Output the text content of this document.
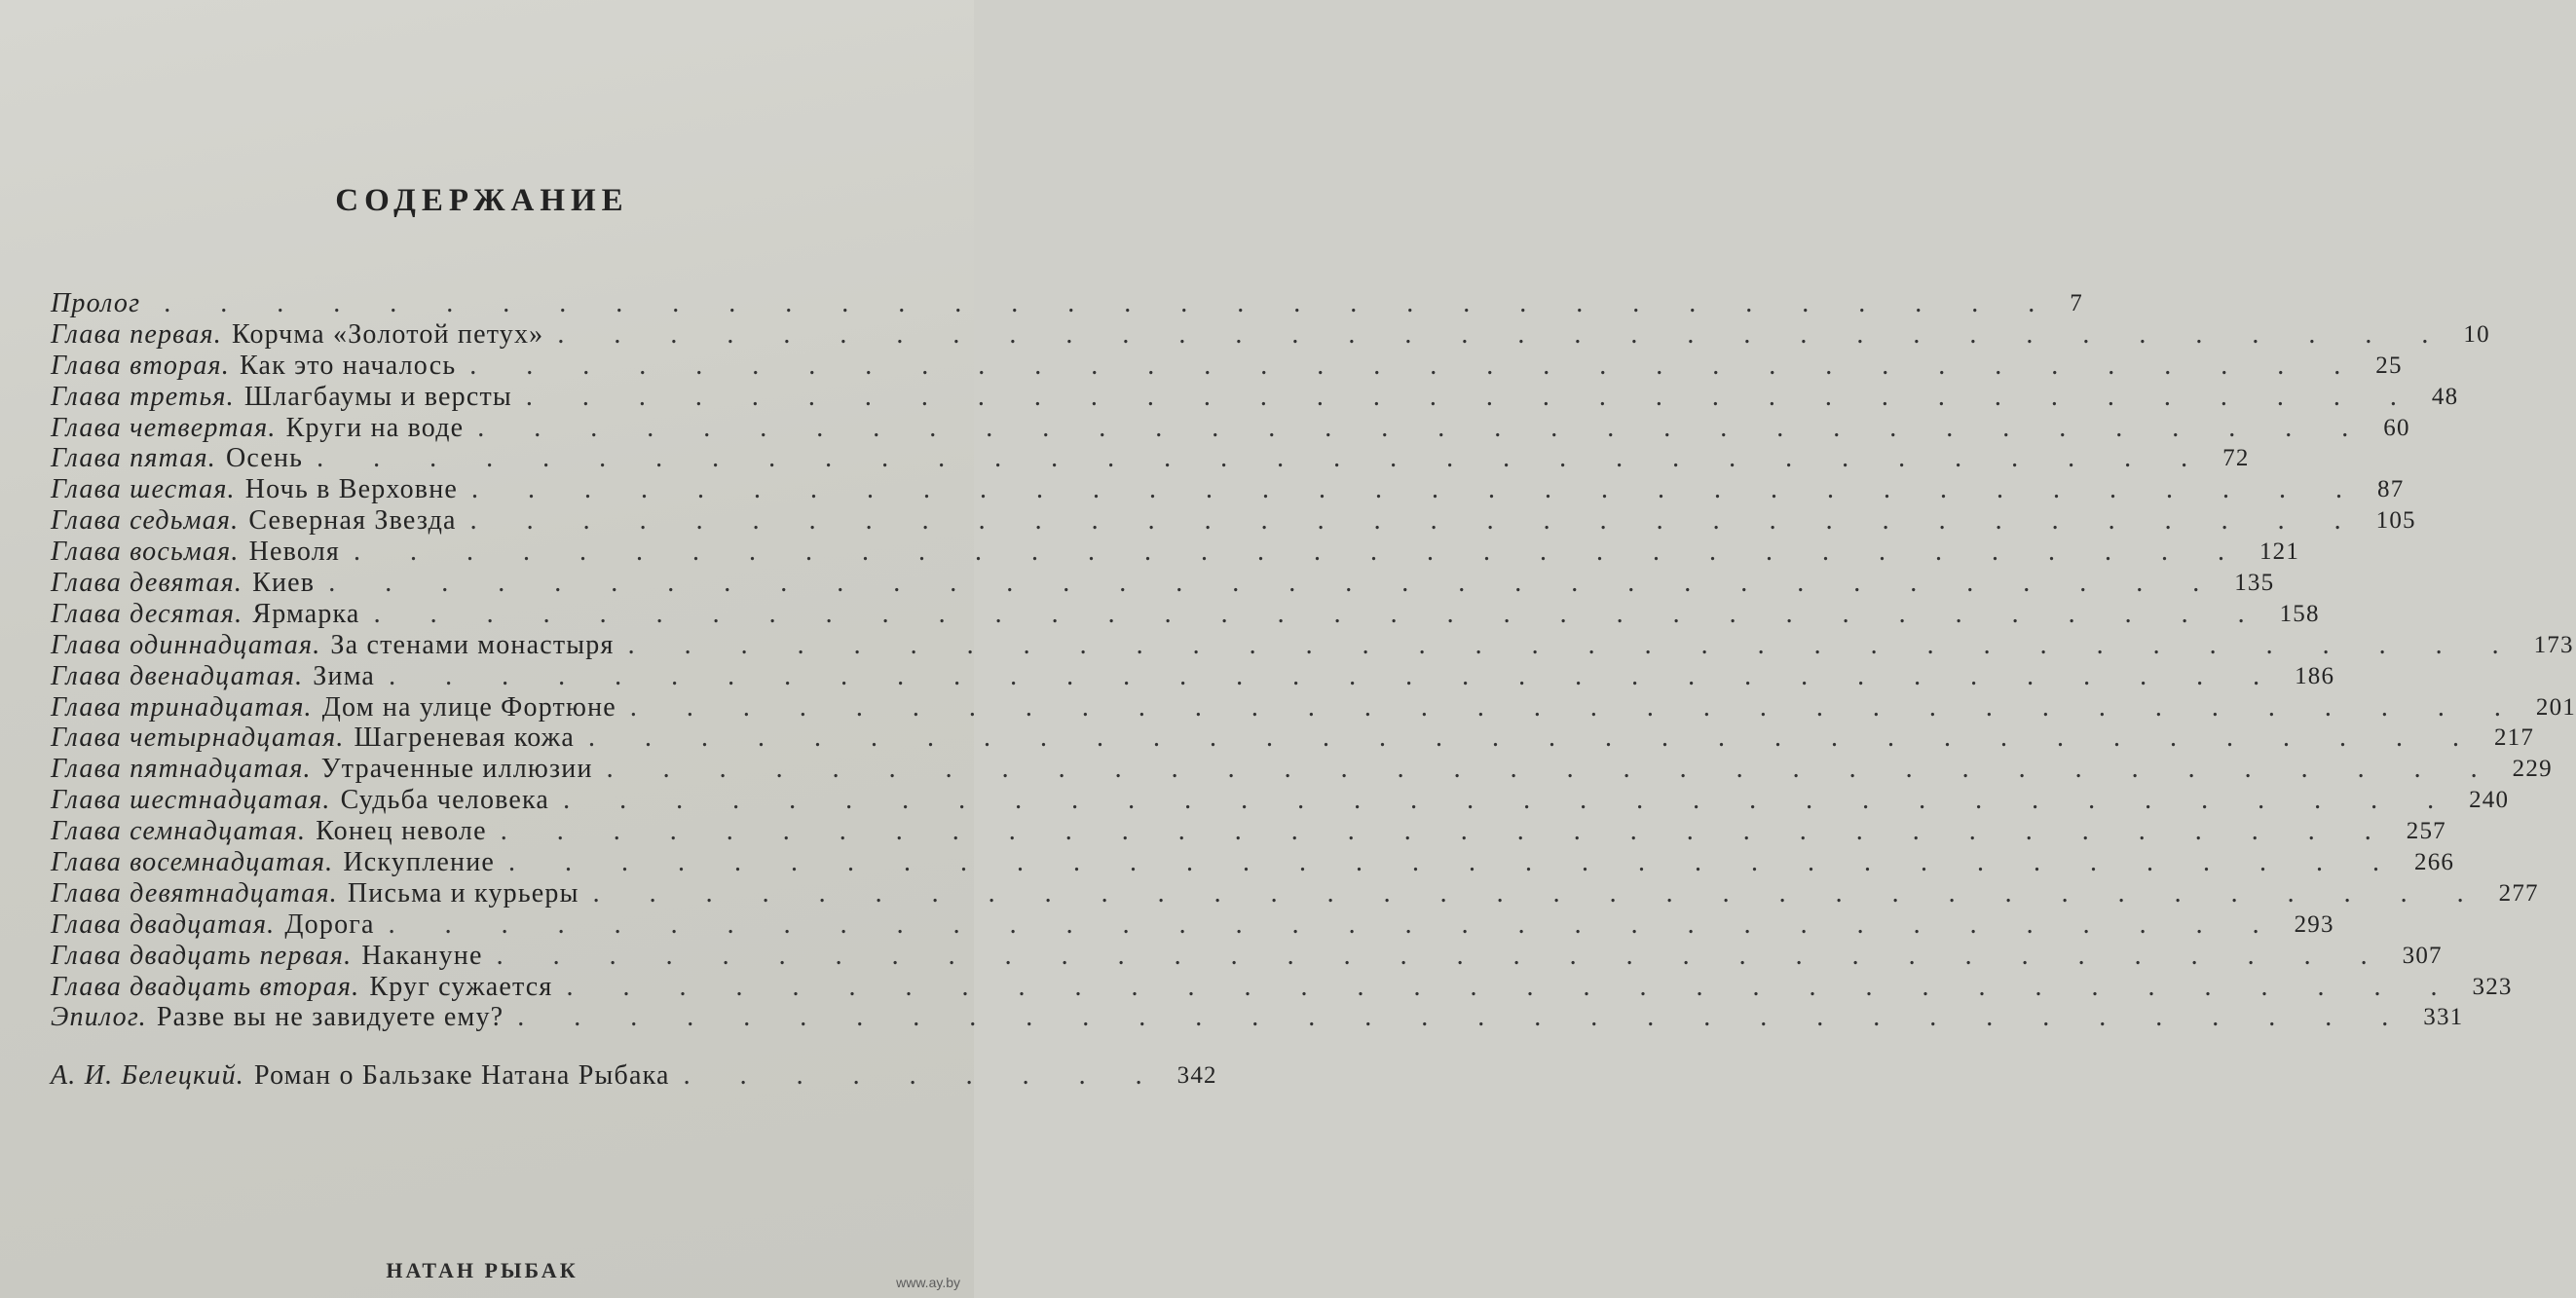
СОДЕРЖАНИЕ
Пролог . . . . . . . . . . . . . . . . . . . . . . . . . . . . . . . . . . 7
Глава первая. Корчма «Золотой петух» . . . . . . . . . . . . . . . . . . . . . . . . . . . . . . . . . . 10
Глава вторая. Как это началось . . . . . . . . . . . . . . . . . . . . . . . . . . . . . . . . . . 25
Глава третья. Шлагбаумы и версты . . . . . . . . . . . . . . . . . . . . . . . . . . . . . . . . . . 48
Глава четвертая. Круги на воде . . . . . . . . . . . . . . . . . . . . . . . . . . . . . . . . . . 60
Глава пятая. Осень . . . . . . . . . . . . . . . . . . . . . . . . . . . . . . . . . . 72
Глава шестая. Ночь в Верховне . . . . . . . . . . . . . . . . . . . . . . . . . . . . . . . . . . 87
Глава седьмая. Северная Звезда . . . . . . . . . . . . . . . . . . . . . . . . . . . . . . . . . . 105
Глава восьмая. Неволя . . . . . . . . . . . . . . . . . . . . . . . . . . . . . . . . . . 121
Глава девятая. Киев . . . . . . . . . . . . . . . . . . . . . . . . . . . . . . . . . . 135
Глава десятая. Ярмарка . . . . . . . . . . . . . . . . . . . . . . . . . . . . . . . . . . 158
Глава одиннадцатая. За стенами монастыря . . . . . . . . . . . . . . . . . . . . . . . . . . . . . . . . . . 173
Глава двенадцатая. Зима . . . . . . . . . . . . . . . . . . . . . . . . . . . . . . . . . . 186
Глава тринадцатая. Дом на улице Фортюне . . . . . . . . . . . . . . . . . . . . . . . . . . . . . . . . . . 201
Глава четырнадцатая. Шагреневая кожа . . . . . . . . . . . . . . . . . . . . . . . . . . . . . . . . . . 217
Глава пятнадцатая. Утраченные иллюзии . . . . . . . . . . . . . . . . . . . . . . . . . . . . . . . . . . 229
Глава шестнадцатая. Судьба человека . . . . . . . . . . . . . . . . . . . . . . . . . . . . . . . . . . 240
Глава семнадцатая. Конец неволе . . . . . . . . . . . . . . . . . . . . . . . . . . . . . . . . . . 257
Глава восемнадцатая. Искупление . . . . . . . . . . . . . . . . . . . . . . . . . . . . . . . . . . 266
Глава девятнадцатая. Письма и курьеры . . . . . . . . . . . . . . . . . . . . . . . . . . . . . . . . . . 277
Глава двадцатая. Дорога . . . . . . . . . . . . . . . . . . . . . . . . . . . . . . . . . . 293
Глава двадцать первая. Накануне . . . . . . . . . . . . . . . . . . . . . . . . . . . . . . . . . . 307
Глава двадцать вторая. Круг сужается . . . . . . . . . . . . . . . . . . . . . . . . . . . . . . . . . . 323
Эпилог. Разве вы не завидуете ему? . . . . . . . . . . . . . . . . . . . . . . . . . . . . . . . . . . 331
А. И. Белецкий. Роман о Бальзаке Натана Рыбака . . . . . . . . . 342
НАТАН РЫБАК	www.ay.by
